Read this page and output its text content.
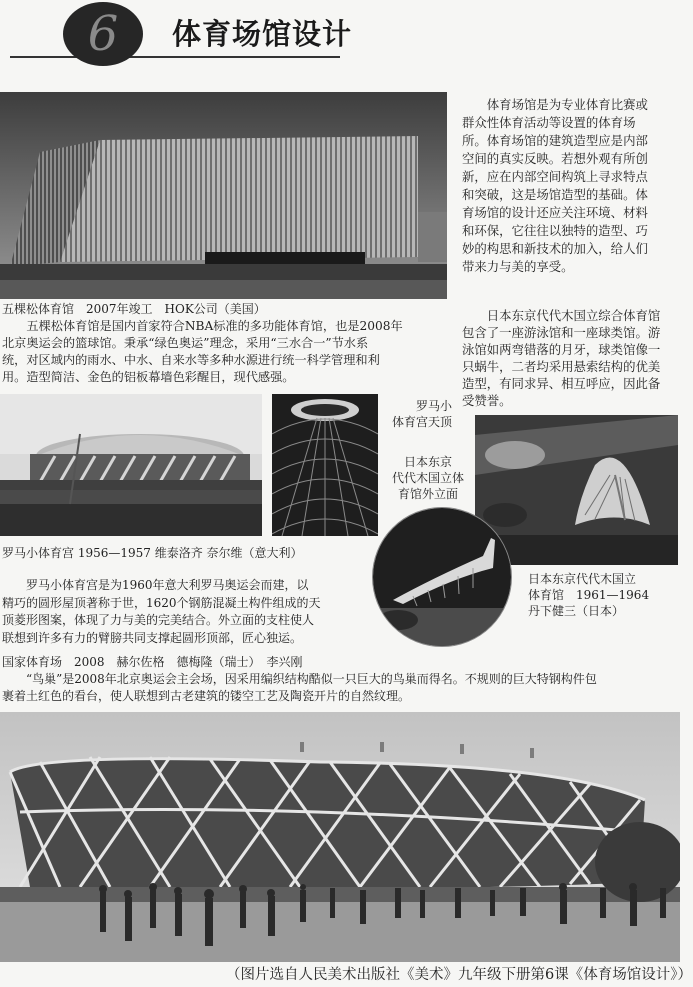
6	体育场馆设计
体育场馆是为专业体育比赛或
群众性体育活动等设置的体育场
所。体育场馆的建筑造型应是内部
空间的真实反映。若想外观有所创
新，应在内部空间构筑上寻求特点
和突破，这是场馆造型的基础。体
育场馆的设计还应关注环境、材料
和环保，它往往以独特的造型、巧
妙的构思和新技术的加入，给人们
带来力与美的享受。
五棵松体育馆　2007年竣工　HOK公司（美国）
五棵松体育馆是国内首家符合NBA标准的多功能体育馆，也是2008年
北京奥运会的篮球馆。秉承“绿色奥运”理念，采用“三水合一”节水系
统，对区域内的雨水、中水、自来水等多种水源进行统一科学管理和利
用。造型简洁、金色的铝板幕墙色彩醒目，现代感强。
日本东京代代木国立综合体育馆
包含了一座游泳馆和一座球类馆。游
泳馆如两弯错落的月牙，球类馆像一
只蜗牛，二者均采用悬索结构的优美
造型，有同求异、相互呼应，因此备
受赞誉。
罗马小
体育宫天顶
日本东京
代代木国立体
育馆外立面
罗马小体育宫 1956—1957 维泰洛齐 奈尔维（意大利）
罗马小体育宫是为1960年意大利罗马奥运会而建，以
精巧的圆形屋顶著称于世，1620个钢筋混凝土构件组成的天
顶菱形图案，体现了力与美的完美结合。外立面的支柱使人
联想到许多有力的臂膀共同支撑起圆形顶部，匠心独运。
日本东京代代木国立
体育馆　1961—1964
丹下健三（日本）
国家体育场　2008　赫尔佐格　德梅隆（瑞士）　李兴刚
“鸟巢”是2008年北京奥运会主会场，因采用编织结构酷似一只巨大的鸟巢而得名。不规则的巨大特钢构件包
裹着土红色的看台，使人联想到古老建筑的镂空工艺及陶瓷开片的自然纹理。
（图片选自人民美术出版社《美术》九年级下册第6课《体育场馆设计》）
